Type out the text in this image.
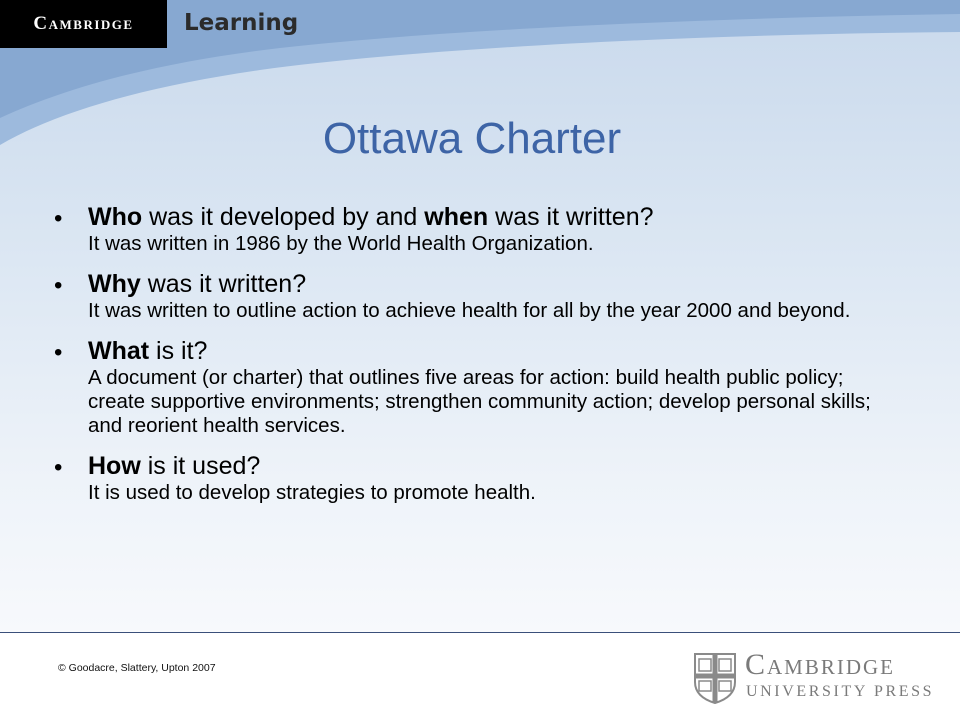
Cambridge Learning
Ottawa Charter
• Who was it developed by and when was it written?
It was written in 1986 by the World Health Organization.
• Why was it written?
It was written to outline action to achieve health for all by the year 2000 and beyond.
• What is it?
A document (or charter) that outlines five areas for action: build health public policy; create supportive environments; strengthen community action; develop personal skills; and reorient health services.
• How is it used?
It is used to develop strategies to promote health.
© Goodacre, Slattery, Upton 2007	Cambridge
UNIVERSITY PRESS
